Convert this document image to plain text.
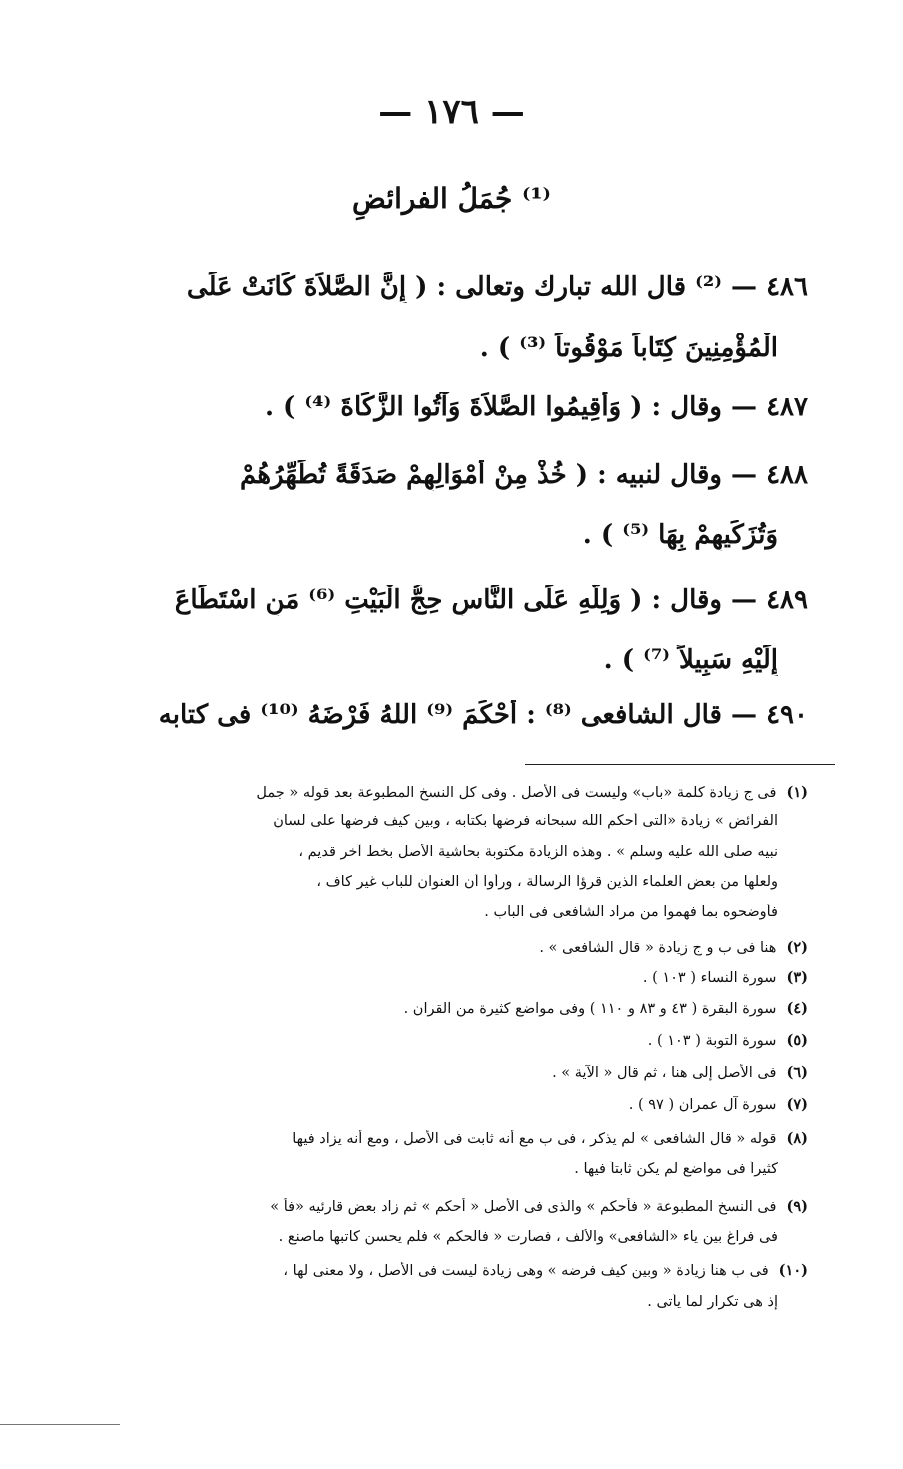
— ١٧٦ —
⁽¹⁾ جُمَلُ الفرائضِ
٤٨٦ — ⁽²⁾ قال الله تبارك وتعالى : ( إِنَّ الصَّلاَةَ كَانَتْ عَلَى
الْمُؤْمِنِينَ كِتَاباً مَوْقُوتاً ⁽³⁾ ) .
٤٨٧ — وقال : ( وَأَقِيمُوا الصَّلاَةَ وَآتُوا الزَّكَاةَ ⁽⁴⁾ ) .
٤٨٨ — وقال لنبيه : ( خُذْ مِنْ أَمْوَالِهِمْ صَدَقَةً تُطَهِّرُهُمْ
وَتُزَكِّيهِمْ بِهَا ⁽⁵⁾ ) .
٤٨٩ — وقال : ( وَلِلَّهِ عَلَى النَّاسِ حِجُّ الْبَيْتِ ⁽⁶⁾ مَنِ اسْتَطَاعَ
إِلَيْهِ سَبِيلاً ⁽⁷⁾ ) .
٤٩٠ — قال الشافعى ⁽⁸⁾ : أَحْكَمَ ⁽⁹⁾ اللهُ فَرْضَهُ ⁽¹⁰⁾ فى كتابه
(١)فى ج زيادة كلمة «باب» وليست فى الأصل . وفى كل النسخ المطبوعة بعد قوله « جمل
الفرائض » زيادة «التى أحكم الله سبحانه فرضها بكتابه ، وبين كيف فرضها على لسان
نبيه صلى الله عليه وسلم » . وهذه الزيادة مكتوبة بحاشية الأصل بخط آخر قديم ،
ولعلها من بعض العلماء الذين قرؤا الرسالة ، ورأوا أن العنوان للباب غير كاف ،
فأوضحوه بما فهموا من مراد الشافعى فى الباب .
(٢)هنا فى ب و ج زيادة « قال الشافعى » .
(٣)سورة النساء ( ١٠٣ ) .
(٤)سورة البقرة ( ٤٣ و ٨٣ و ١١٠ ) وفى مواضع كثيرة من القران .
(٥)سورة التوبة ( ١٠٣ ) .
(٦)فى الأصل إلى هنا ، ثم قال « الآية » .
(٧)سورة آل عمران ( ٩٧ ) .
(٨)قوله « قال الشافعى » لم يذكر ، فى ب مع أنه ثابت فى الأصل ، ومع أنه يزاد فيها
كثيراً فى مواضع لم يكن ثابتاً فيها .
(٩)فى النسخ المطبوعة « فأحكم » والذى فى الأصل « أحكم » ثم زاد بعض قارئيه «فأ »
فى فراغ بين ياء «الشافعى» والألف ، فصارت « فالحكم » فلم يحسن كاتبها ماصنع .
(١٠)فى ب هنا زيادة « وبين كيف فرضه » وهى زيادة ليست فى الأصل ، ولا معنى لها ،
إذ هى تكرار لما يأتى .
